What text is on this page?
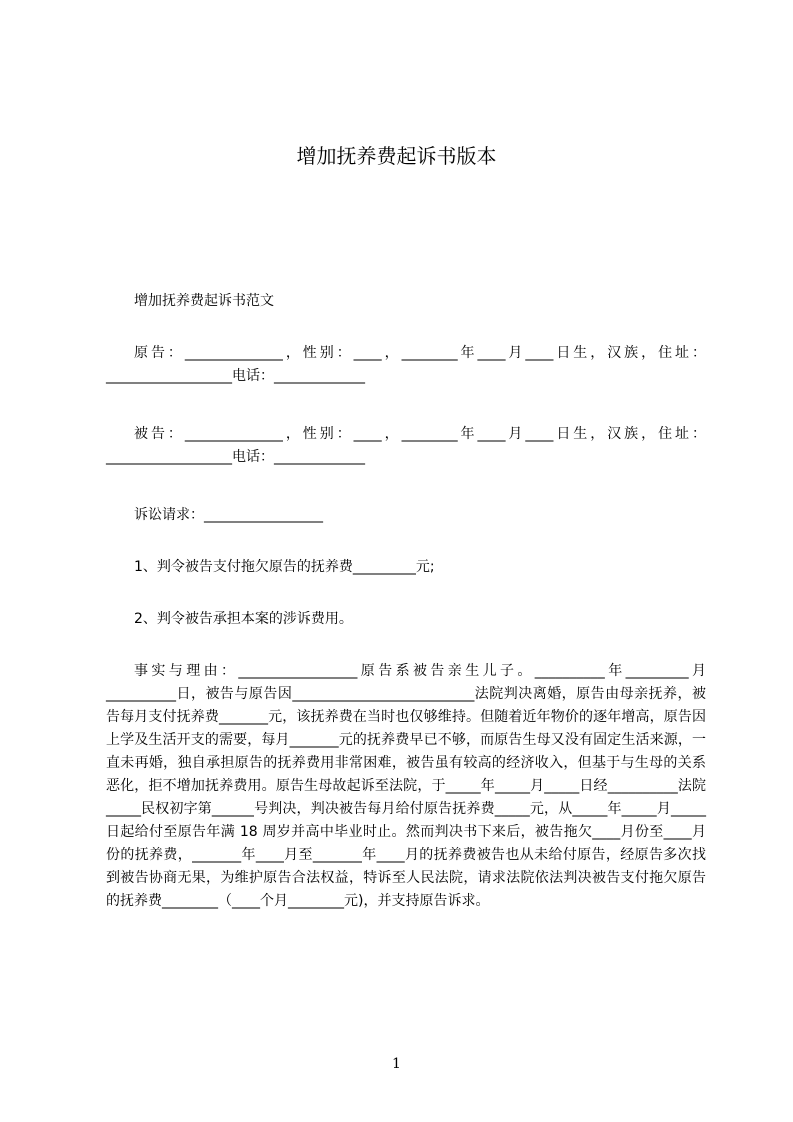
增加抚养费起诉书版本

增加抚养费起诉书范文

原告：______________，性别：____，________年____月____日生，汉族，住址：__________________电话：_____________

被告：______________，性别：____，________年____月____日生，汉族，住址：__________________电话：_____________

诉讼请求：_________________

1、判令被告支付拖欠原告的抚养费_________元;

2、判令被告承担本案的涉诉费用。

事实与理由：_________________原告系被告亲生儿子。__________年_________月__________日，被告与原告因__________________________法院判决离婚，原告由母亲抚养，被告每月支付抚养费_______元，该抚养费在当时也仅够维持。但随着近年物价的逐年增高，原告因上学及生活开支的需要，每月_______元的抚养费早已不够，而原告生母又没有固定生活来源，一直未再婚，独自承担原告的抚养费用非常困难，被告虽有较高的经济收入，但基于与生母的关系恶化，拒不增加抚养费用。原告生母故起诉至法院，于_____年_____月_____日经__________法院_____民权初字第______号判决，判决被告每月给付原告抚养费_____元，从_____年_____月_____日起给付至原告年满 18 周岁并高中毕业时止。然而判决书下来后，被告拖欠____月份至____月份的抚养费，_______年____月至_______年____月的抚养费被告也从未给付原告，经原告多次找到被告协商无果，为维护原告合法权益，特诉至人民法院，请求法院依法判决被告支付拖欠原告的抚养费________（____个月________元)，并支持原告诉求。

1
